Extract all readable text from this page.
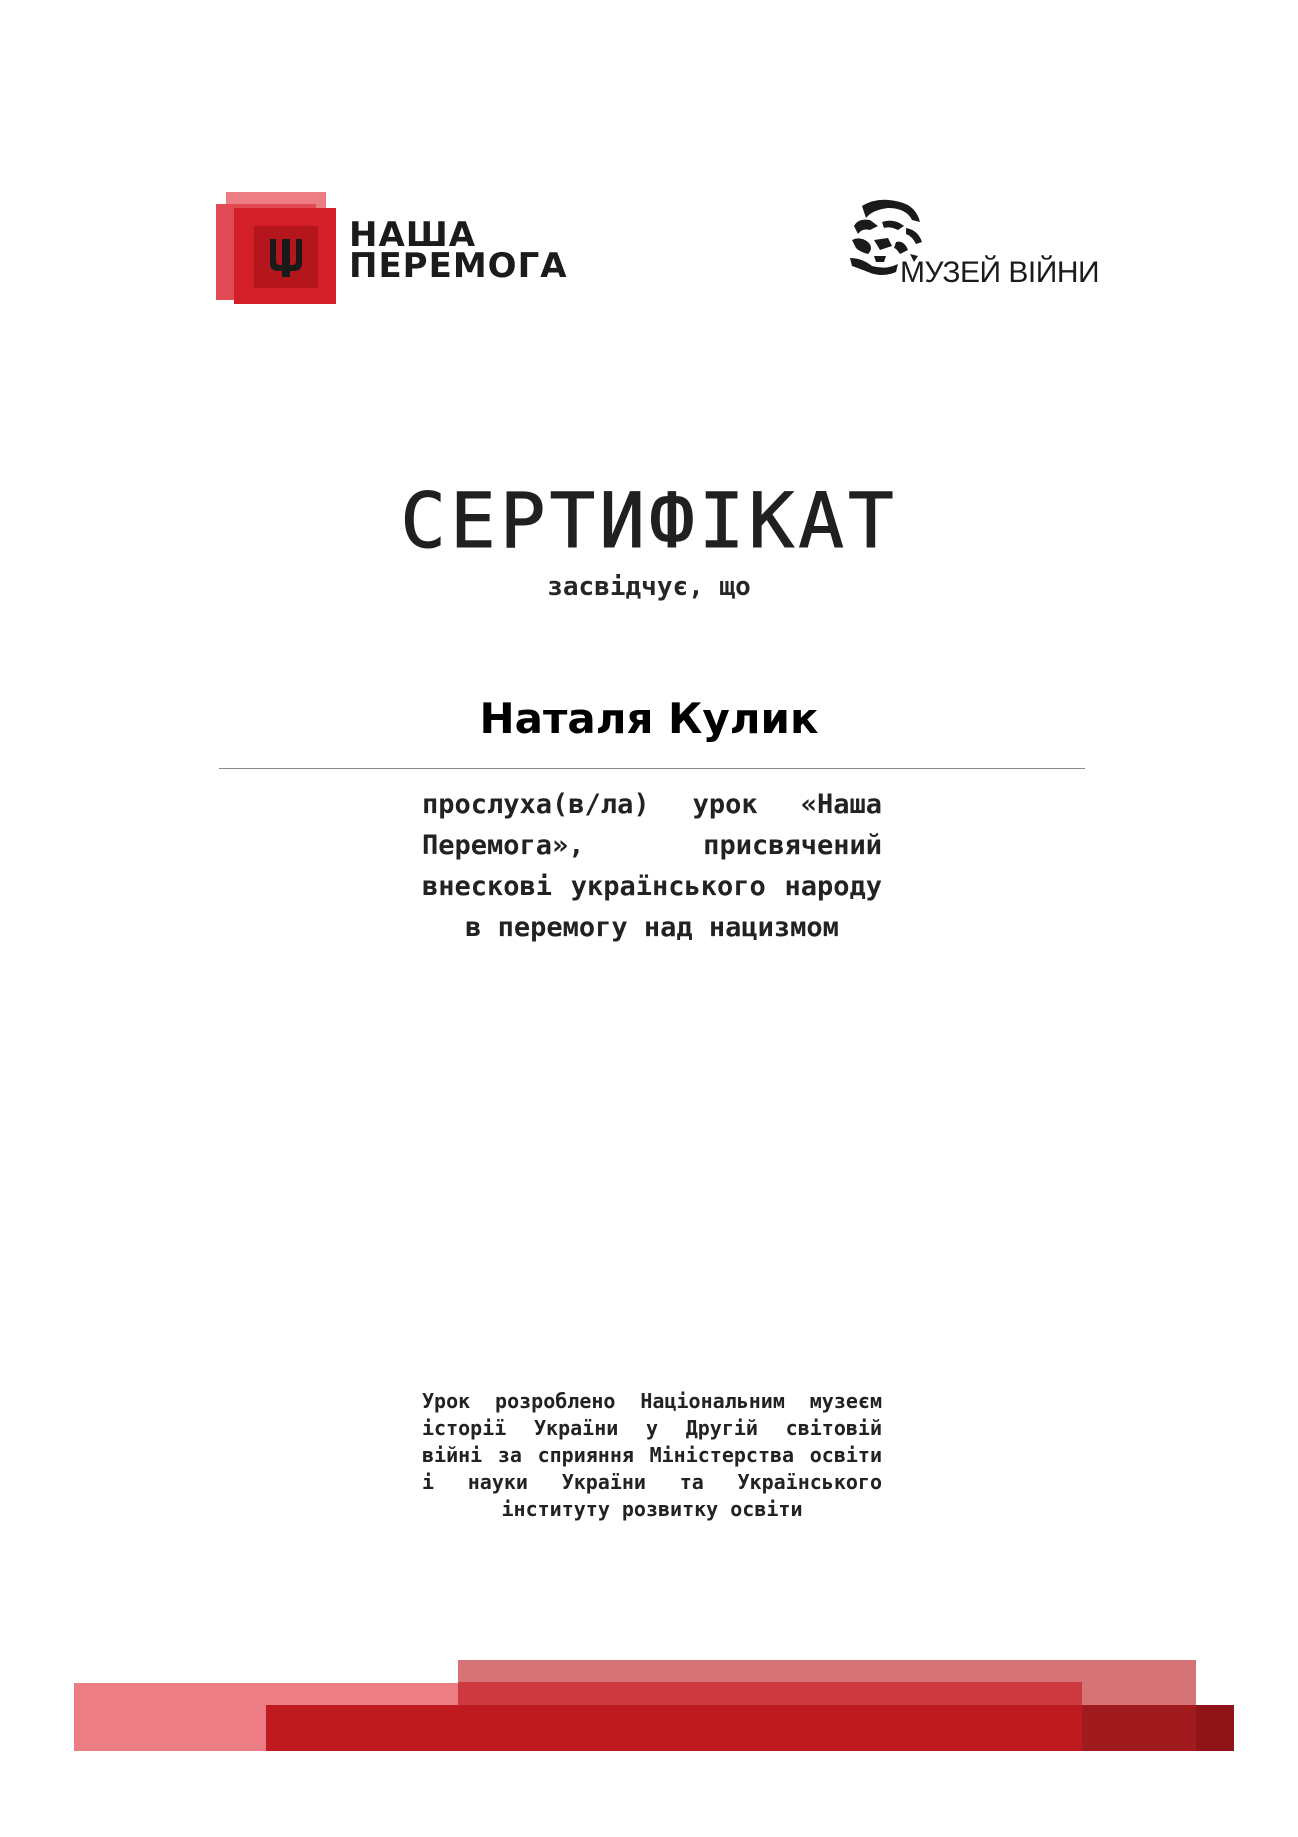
НАША
ПЕРЕМОГА	МУЗЕЙ ВІЙНИ
СЕРТИФІКАТ
засвідчує, що
Наталя Кулик
прослуха(в/ла) урок «Наша Перемога», присвячений внескові українського народу в перемогу над нацизмом
Урок розроблено Національним музеєм історії України у Другій світовій війні за сприяння Міністерства освіти і науки України та Українського інституту розвитку освіти
